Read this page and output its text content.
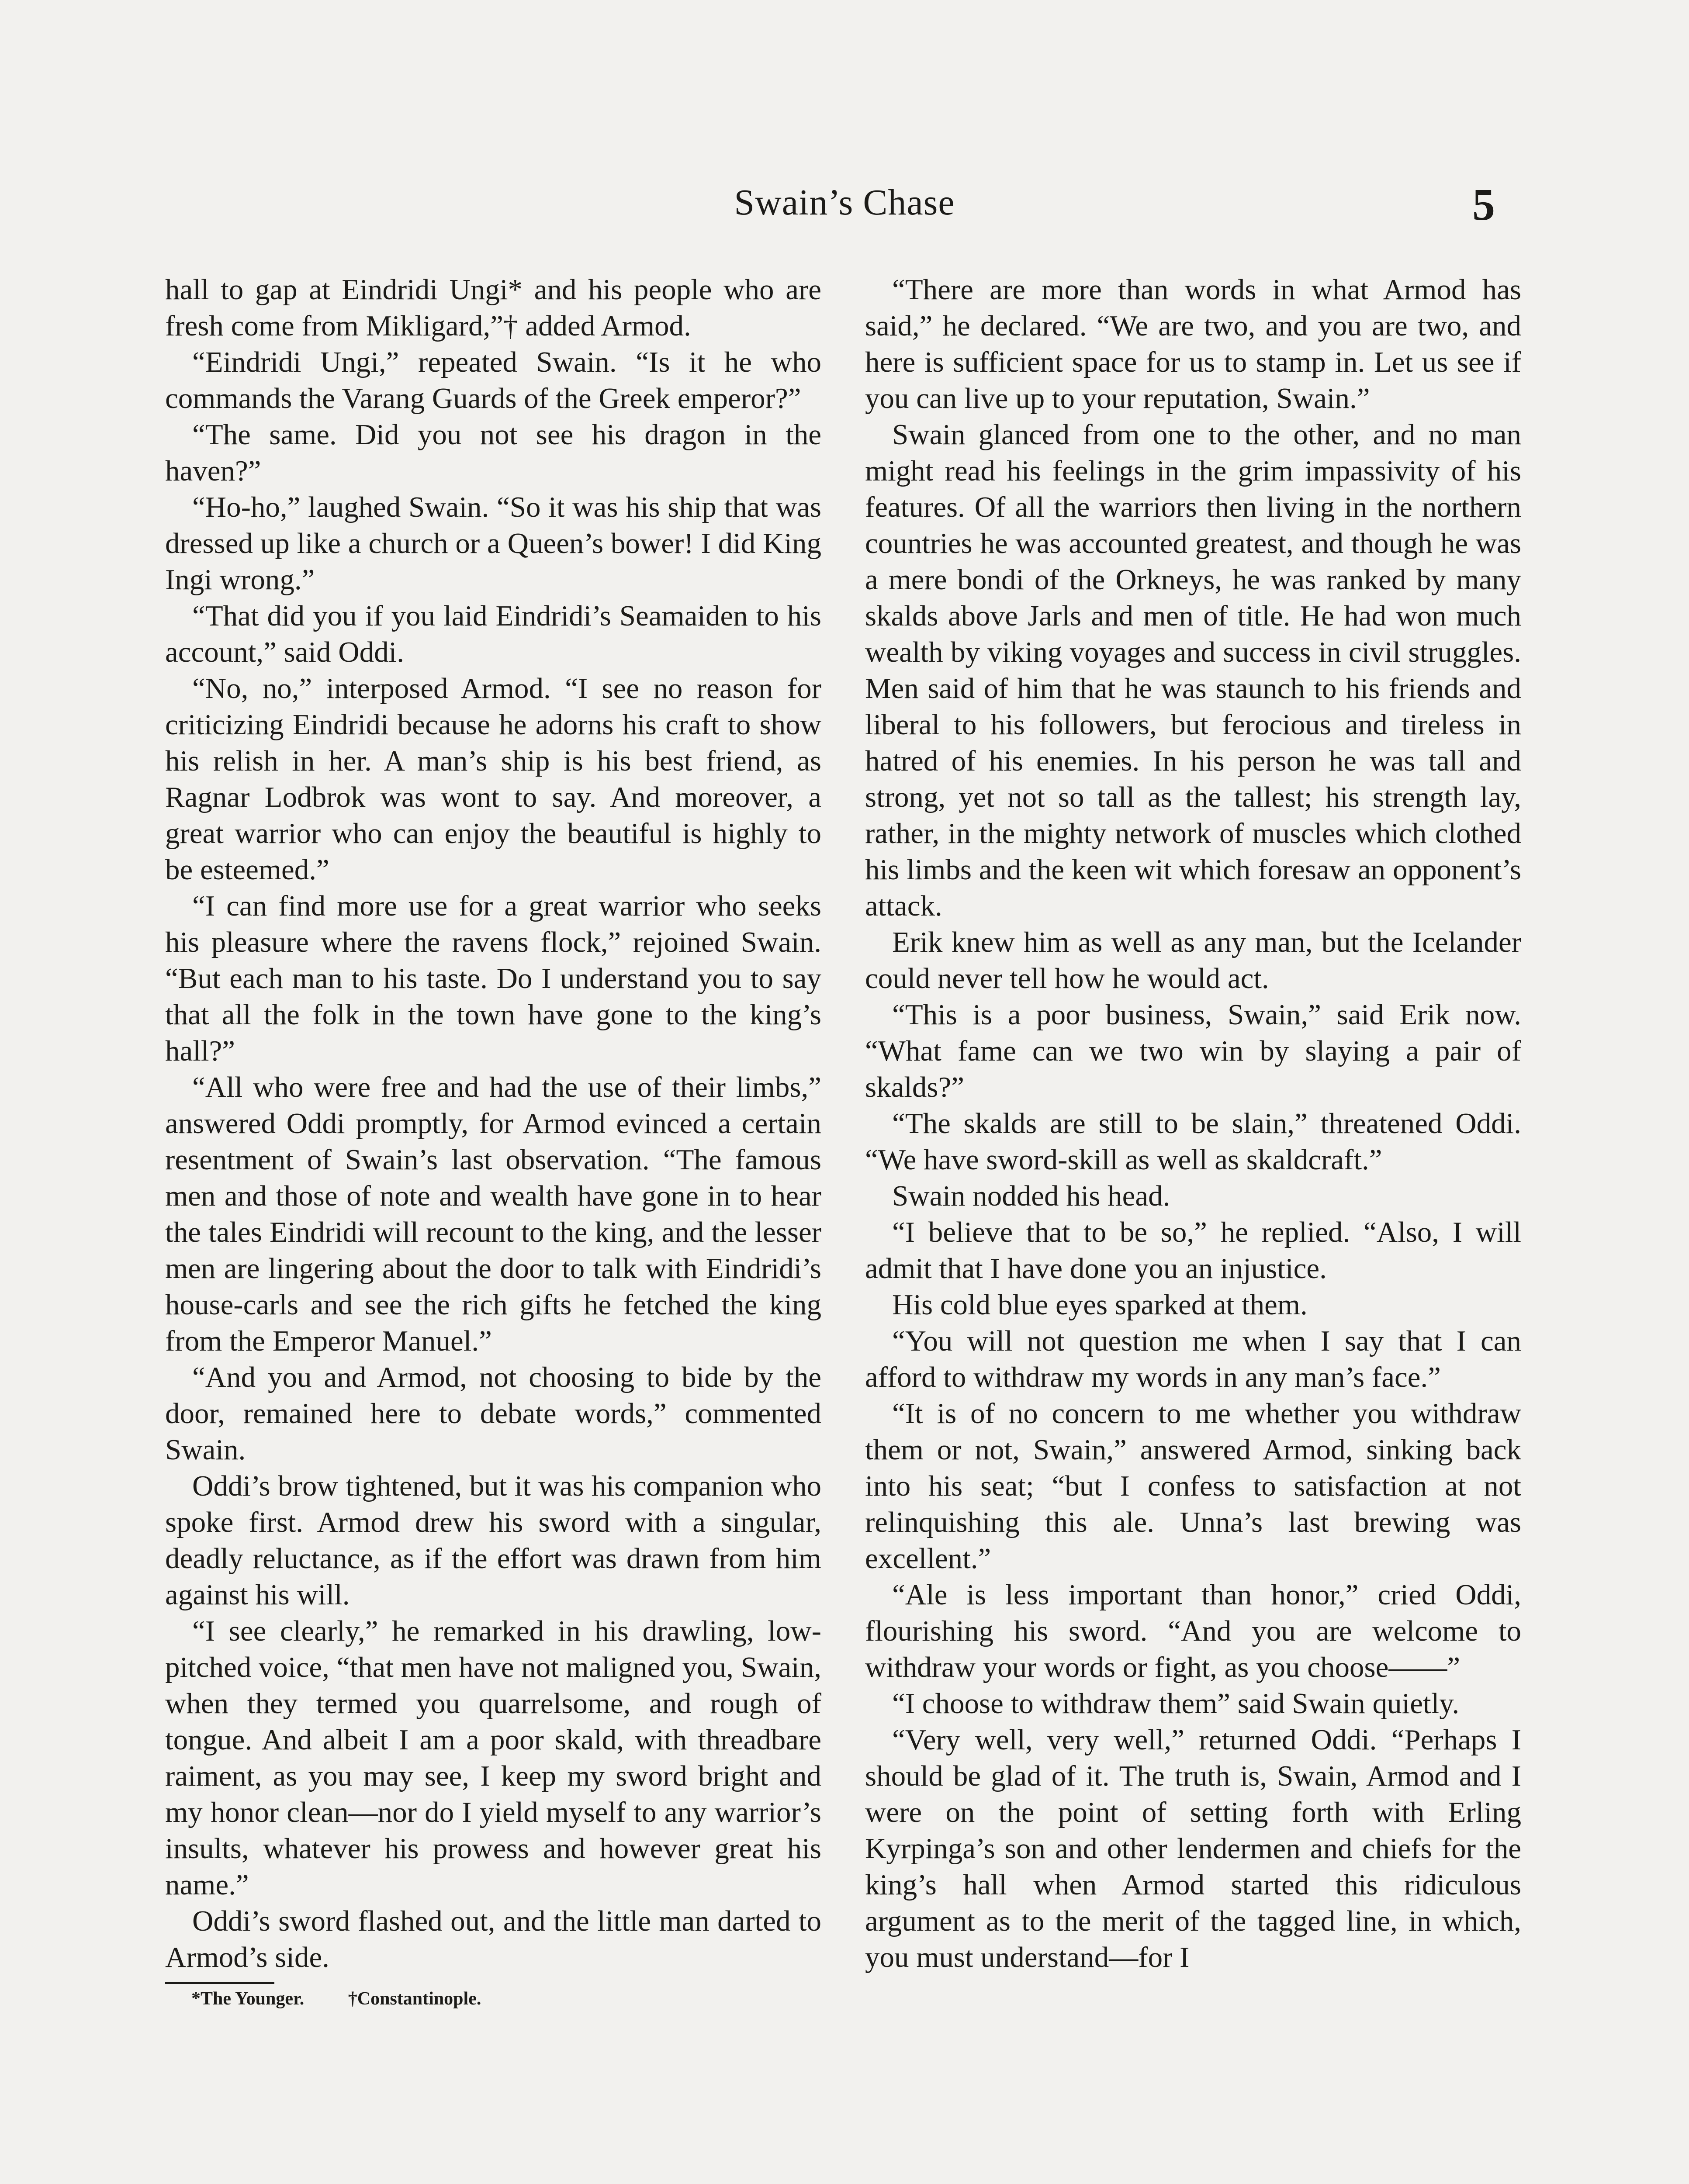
Swain’s Chase	5

hall to gap at Eindridi Ungi* and his people who are fresh come from Mikligard,”† added Armod.

“Eindridi Ungi,” repeated Swain. “Is it he who commands the Varang Guards of the Greek emperor?”

“The same. Did you not see his dragon in the haven?”

“Ho-ho,” laughed Swain. “So it was his ship that was dressed up like a church or a Queen’s bower! I did King Ingi wrong.”

“That did you if you laid Eindridi’s Seamaiden to his account,” said Oddi.

“No, no,” interposed Armod. “I see no reason for criticizing Eindridi because he adorns his craft to show his relish in her. A man’s ship is his best friend, as Ragnar Lodbrok was wont to say. And moreover, a great warrior who can enjoy the beautiful is highly to be esteemed.”

“I can find more use for a great warrior who seeks his pleasure where the ravens flock,” rejoined Swain. “But each man to his taste. Do I understand you to say that all the folk in the town have gone to the king’s hall?”

“All who were free and had the use of their limbs,” answered Oddi promptly, for Armod evinced a certain resentment of Swain’s last observation. “The famous men and those of note and wealth have gone in to hear the tales Eindridi will recount to the king, and the lesser men are lingering about the door to talk with Eindridi’s house-carls and see the rich gifts he fetched the king from the Emperor Manuel.”

“And you and Armod, not choosing to bide by the door, remained here to debate words,” commented Swain.

Oddi’s brow tightened, but it was his companion who spoke first. Armod drew his sword with a singular, deadly reluctance, as if the effort was drawn from him against his will.

“I see clearly,” he remarked in his drawling, low-pitched voice, “that men have not maligned you, Swain, when they termed you quarrelsome, and rough of tongue. And albeit I am a poor skald, with threadbare raiment, as you may see, I keep my sword bright and my honor clean—nor do I yield myself to any warrior’s insults, whatever his prowess and however great his name.”

Oddi’s sword flashed out, and the little man darted to Armod’s side.

*The Younger. †Constantinople.

“There are more than words in what Armod has said,” he declared. “We are two, and you are two, and here is sufficient space for us to stamp in. Let us see if you can live up to your reputation, Swain.”

Swain glanced from one to the other, and no man might read his feelings in the grim impassivity of his features. Of all the warriors then living in the northern countries he was accounted greatest, and though he was a mere bondi of the Orkneys, he was ranked by many skalds above Jarls and men of title. He had won much wealth by viking voyages and success in civil struggles. Men said of him that he was staunch to his friends and liberal to his followers, but ferocious and tireless in hatred of his enemies. In his person he was tall and strong, yet not so tall as the tallest; his strength lay, rather, in the mighty network of muscles which clothed his limbs and the keen wit which foresaw an opponent’s attack.

Erik knew him as well as any man, but the Icelander could never tell how he would act.

“This is a poor business, Swain,” said Erik now. “What fame can we two win by slaying a pair of skalds?”

“The skalds are still to be slain,” threatened Oddi. “We have sword-skill as well as skaldcraft.”

Swain nodded his head.

“I believe that to be so,” he replied. “Also, I will admit that I have done you an injustice.

His cold blue eyes sparked at them.

“You will not question me when I say that I can afford to withdraw my words in any man’s face.”

“It is of no concern to me whether you withdraw them or not, Swain,” answered Armod, sinking back into his seat; “but I confess to satisfaction at not relinquishing this ale. Unna’s last brewing was excellent.”

“Ale is less important than honor,” cried Oddi, flourishing his sword. “And you are welcome to withdraw your words or fight, as you choose——”

“I choose to withdraw them” said Swain quietly.

“Very well, very well,” returned Oddi. “Perhaps I should be glad of it. The truth is, Swain, Armod and I were on the point of setting forth with Erling Kyrpinga’s son and other lendermen and chiefs for the king’s hall when Armod started this ridiculous argument as to the merit of the tagged line, in which, you must understand—for I
